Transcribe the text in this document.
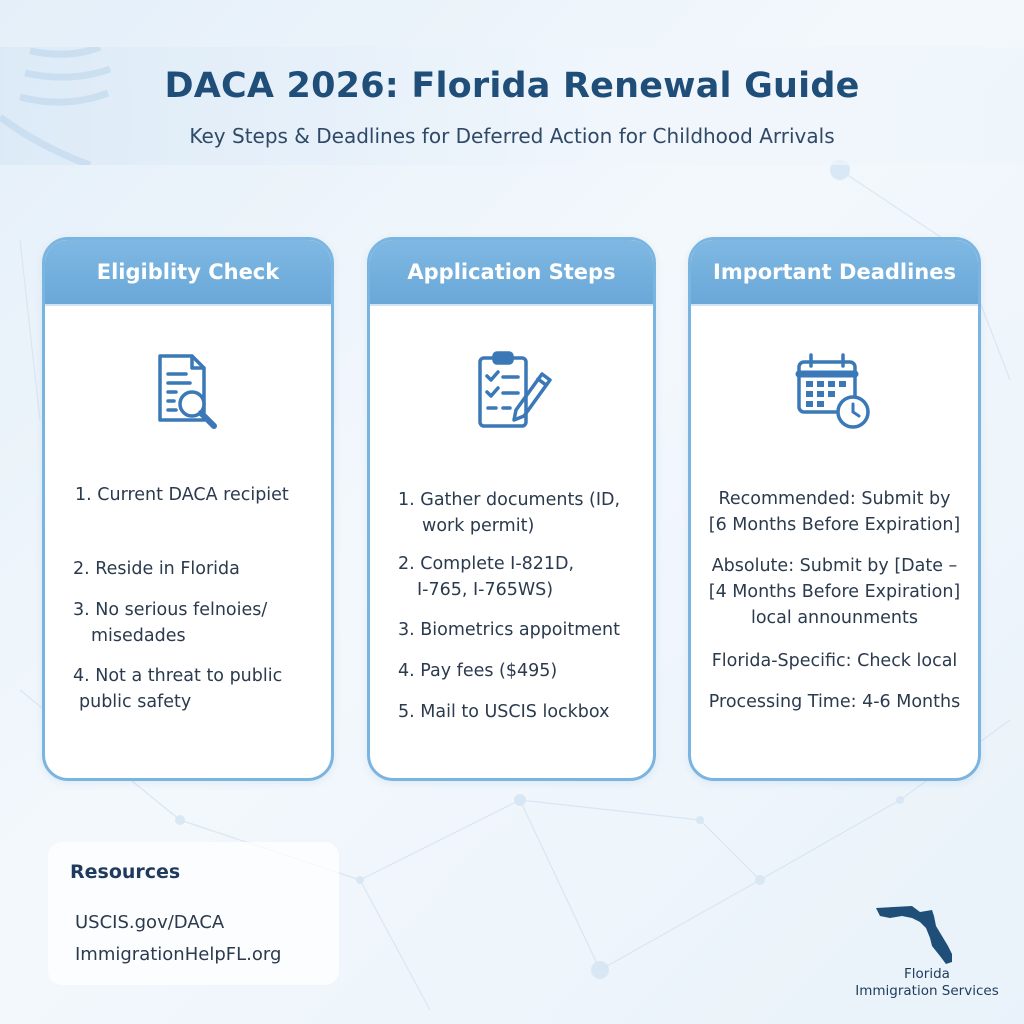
DACA 2026: Florida Renewal Guide
Key Steps & Deadlines for Deferred Action for Childhood Arrivals
Eligiblity Check
1. Current DACA recipiet
2. Reside in Florida
3. No serious felnoies/
misedades
4. Not a threat to public
public safety
Application Steps
1. Gather documents (ID,
work permit)
2. Complete I-821D,
I-765, I-765WS)
3. Biometrics appoitment
4. Pay fees ($495)
5. Mail to USCIS lockbox
Important Deadlines
Recommended: Submit by
[6 Months Before Expiration]
Absolute: Submit by [Date –
[4 Months Before Expiration]
local announments
Florida-Specific: Check local
Processing Time: 4-6 Months
Resources
USCIS.gov/DACA
ImmigrationHelpFL.org
Florida
Immigration Services
